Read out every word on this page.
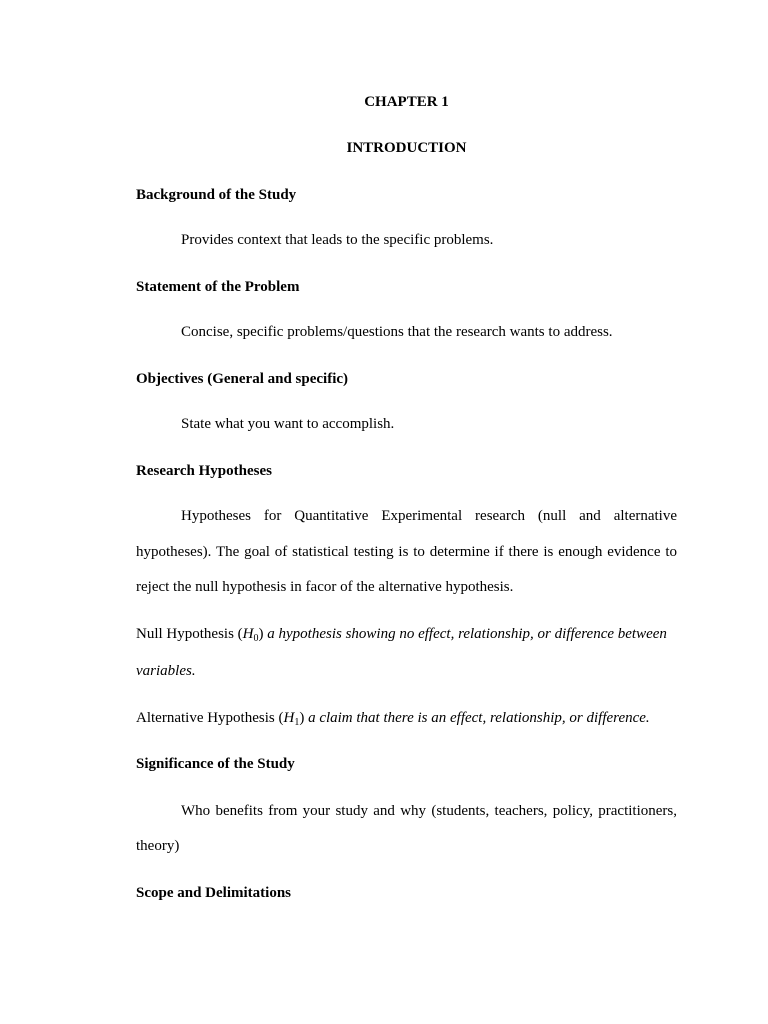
CHAPTER 1
INTRODUCTION
Background of the Study
Provides context that leads to the specific problems.
Statement of the Problem
Concise, specific problems/questions that the research wants to address.
Objectives (General and specific)
State what you want to accomplish.
Research Hypotheses
Hypotheses for Quantitative Experimental research (null and alternative
hypotheses). The goal of statistical testing is to determine if there is enough evidence to
reject the null hypothesis in facor of the alternative hypothesis.
Null Hypothesis $(H_0)$ a hypothesis showing no effect, relationship, or difference between
variables.
Alternative Hypothesis $(H_1)$ a claim that there is an effect, relationship, or difference.
Significance of the Study
Who benefits from your study and why (students, teachers, policy, practitioners,
theory)
Scope and Delimitations
